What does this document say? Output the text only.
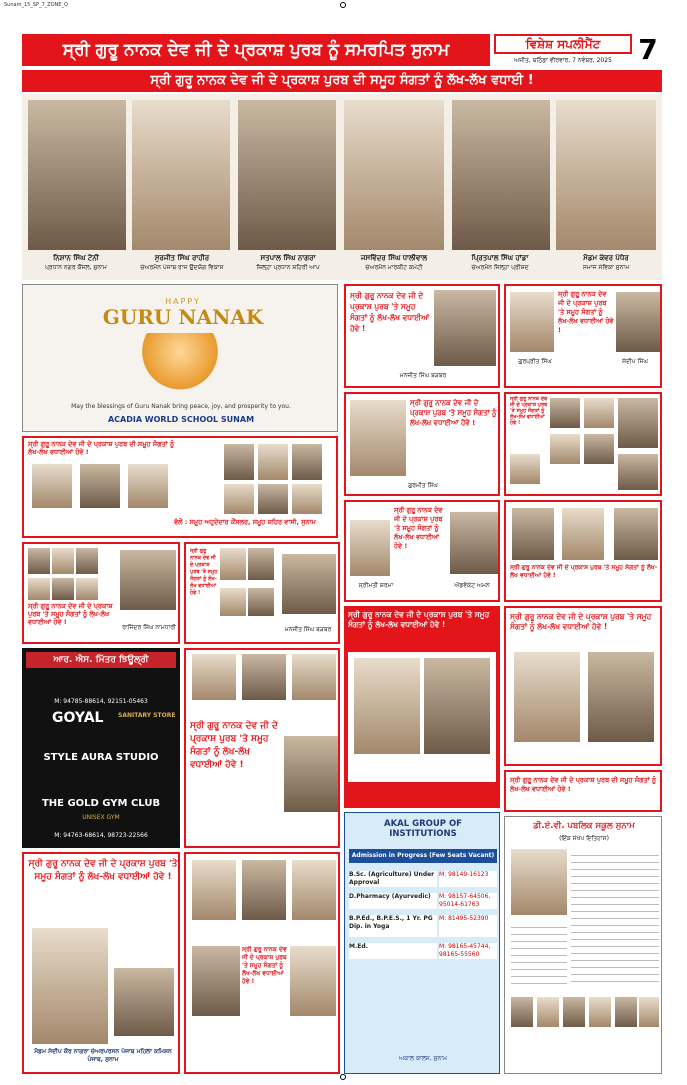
Sunam_15_SP_7_ZONE_Q
ਸ੍ਰੀ ਗੁਰੂ ਨਾਨਕ ਦੇਵ ਜੀ ਦੇ ਪ੍ਰਕਾਸ਼ ਪੁਰਬ ਨੂੰ ਸਮਰਪਿਤ ਸੁਨਾਮ	ਵਿਸ਼ੇਸ਼ ਸਪਲੀਮੈਂਟ
ਅਜੀਤ, ਬਠਿੰਡਾ ਵੀਰਵਾਰ, 7 ਨਵੰਬਰ, 2025 7
ਸ੍ਰੀ ਗੁਰੂ ਨਾਨਕ ਦੇਵ ਜੀ ਦੇ ਪ੍ਰਕਾਸ਼ ਪੁਰਬ ਦੀ ਸਮੂਹ ਸੰਗਤਾਂ ਨੂੰ ਲੱਖ-ਲੱਖ ਵਧਾਈ !
ਨਿਸ਼ਾਨ ਸਿੰਘ ਟੋਨੀ
ਪ੍ਰਧਾਨ ਨਗਰ ਕੌਂਸਲ, ਸੁਨਾਮ
ਸੁਰਜੀਤ ਸਿੰਘ ਰਾਹੀਰ
ਚੇਅਰਮੈਨ ਪੰਜਾਬ ਰਾਜ ਉਦਯੋਗ ਵਿਕਾਸ
ਸਤਪਾਲ ਸਿੰਘ ਨਾਗਰਾ
ਜ਼ਿਲ੍ਹਾ ਪ੍ਰਧਾਨ ਸ਼ਹਿਰੀ ਆਪ
ਜਸਵਿੰਦਰ ਸਿੰਘ ਧਾਲੀਵਾਲ
ਚੇਅਰਮੈਨ ਮਾਰਕੀਟ ਕਮੇਟੀ
ਪ੍ਰਿਤਪਾਲ ਸਿੰਘ ਹਾਂਡਾ
ਚੇਅਰਮੈਨ ਜ਼ਿਲ੍ਹਾ ਪ੍ਰੀਸ਼ਦ
ਮੈਡਮ ਕੰਵਰ ਪੰਧੇਰ
ਸਮਾਜ ਸੇਵਿਕਾ ਸੁਨਾਮ
HAPPY
GURU NANAK
May the blessings of Guru Nanak bring peace, joy, and prosperity to you.
ACADIA WORLD SCHOOL SUNAM
ਸ੍ਰੀ ਗੁਰੂ ਨਾਨਕ ਦੇਵ ਜੀ ਦੇ ਪ੍ਰਕਾਸ਼ ਪੁਰਬ 'ਤੇ ਸਮੂਹ ਸੰਗਤਾਂ ਨੂੰ ਲੱਖ-ਲੱਖ ਵਧਾਈਆਂ ਹੋਵੇ !
ਮਨਜੀਤ ਸਿੰਘ ਬੜਬਰ
ਸ੍ਰੀ ਗੁਰੂ ਨਾਨਕ ਦੇਵ ਜੀ ਦੇ ਪ੍ਰਕਾਸ਼ ਪੁਰਬ 'ਤੇ ਸਮੂਹ ਸੰਗਤਾਂ ਨੂੰ ਲੱਖ-ਲੱਖ ਵਧਾਈਆਂ ਹੋਵੇ !
ਗੁਰਪ੍ਰੀਤ ਸਿੰਘ	ਸੰਦੀਪ ਸਿੰਘ
ਸ੍ਰੀ ਗੁਰੂ ਨਾਨਕ ਦੇਵ ਜੀ ਦੇ ਪ੍ਰਕਾਸ਼ ਪੁਰਬ ਦੀ ਸਮੂਹ ਸੰਗਤਾਂ ਨੂੰ ਲੱਖ-ਲੱਖ ਵਧਾਈਆਂ ਹੋਵੇ !
ਵੱਲੋਂ : ਸਮੂਹ ਅਹੁਦੇਦਾਰ ਕੌਂਸਲਰ, ਸਮੂਹ ਸ਼ਹਿਰ ਵਾਸੀ, ਸੁਨਾਮ
ਸ੍ਰੀ ਗੁਰੂ ਨਾਨਕ ਦੇਵ ਜੀ ਦੇ ਪ੍ਰਕਾਸ਼ ਪੁਰਬ 'ਤੇ ਸਮੂਹ ਸੰਗਤਾਂ ਨੂੰ ਲੱਖ-ਲੱਖ ਵਧਾਈਆਂ ਹੋਵੇ !
ਗੁਰਮੀਤ ਸਿੰਘ
ਸ੍ਰੀ ਗੁਰੂ ਨਾਨਕ ਦੇਵ ਜੀ ਦੇ ਪ੍ਰਕਾਸ਼ ਪੁਰਬ 'ਤੇ ਸਮੂਹ ਸੰਗਤਾਂ ਨੂੰ ਲੱਖ-ਲੱਖ ਵਧਾਈਆਂ ਹੋਵੇ !
ਸ੍ਰੀ ਗੁਰੂ ਨਾਨਕ ਦੇਵ ਜੀ ਦੇ ਪ੍ਰਕਾਸ਼ ਪੁਰਬ 'ਤੇ ਸਮੂਹ ਸੰਗਤਾਂ ਨੂੰ ਲੱਖ-ਲੱਖ ਵਧਾਈਆਂ ਹੋਵੇ !
ਰਾਜਿੰਦਰ ਸਿੰਘ ਨਾਮਧਾਰੀ
ਸ੍ਰੀ ਗੁਰੂ ਨਾਨਕ ਦੇਵ ਜੀ ਦੇ ਪ੍ਰਕਾਸ਼ ਪੁਰਬ 'ਤੇ ਸਮੂਹ ਸੰਗਤਾਂ ਨੂੰ ਲੱਖ-ਲੱਖ ਵਧਾਈਆਂ ਹੋਵੇ !
ਮਨਜੀਤ ਸਿੰਘ ਬੜਬਰ
ਸ੍ਰੀ ਗੁਰੂ ਨਾਨਕ ਦੇਵ ਜੀ ਦੇ ਪ੍ਰਕਾਸ਼ ਪੁਰਬ 'ਤੇ ਸਮੂਹ ਸੰਗਤਾਂ ਨੂੰ ਲੱਖ-ਲੱਖ ਵਧਾਈਆਂ ਹੋਵੇ !
ਸ੍ਰੀਮਤੀ ਸ਼ਰਮਾ	ਐਡਵੋਕੇਟ ਅਮਨ
ਸ੍ਰੀ ਗੁਰੂ ਨਾਨਕ ਦੇਵ ਜੀ ਦੇ ਪ੍ਰਕਾਸ਼ ਪੁਰਬ 'ਤੇ ਸਮੂਹ ਸੰਗਤਾਂ ਨੂੰ ਲੱਖ-ਲੱਖ ਵਧਾਈਆਂ ਹੋਵੇ !
ਆਰ. ਐਸ. ਮਿੱਤਰ ਝਿਊਲ੍ਰੀ
M: 94785-88614, 92151-05463
GOYAL	SANITARY STORE
STYLE AURA STUDIO
THE GOLD GYM CLUB
UNISEX GYM
M: 94763-68614, 98723-22566
ਸ੍ਰੀ ਗੁਰੂ ਨਾਨਕ ਦੇਵ ਜੀ ਦੇ ਪ੍ਰਕਾਸ਼ ਪੁਰਬ 'ਤੇ ਸਮੂਹ ਸੰਗਤਾਂ ਨੂੰ ਲੱਖ-ਲੱਖ ਵਧਾਈਆਂ ਹੋਵੇ !
ਸ੍ਰੀ ਗੁਰੂ ਨਾਨਕ ਦੇਵ ਜੀ ਦੇ ਪ੍ਰਕਾਸ਼ ਪੁਰਬ 'ਤੇ ਸਮੂਹ ਸੰਗਤਾਂ ਨੂੰ ਲੱਖ-ਲੱਖ ਵਧਾਈਆਂ ਹੋਵੇ !
ਸ੍ਰੀ ਗੁਰੂ ਨਾਨਕ ਦੇਵ ਜੀ ਦੇ ਪ੍ਰਕਾਸ਼ ਪੁਰਬ 'ਤੇ ਸਮੂਹ ਸੰਗਤਾਂ ਨੂੰ ਲੱਖ-ਲੱਖ ਵਧਾਈਆਂ ਹੋਵੇ !
ਸ੍ਰੀ ਗੁਰੂ ਨਾਨਕ ਦੇਵ ਜੀ ਦੇ ਪ੍ਰਕਾਸ਼ ਪੁਰਬ ਦੀ ਸਮੂਹ ਸੰਗਤਾਂ ਨੂੰ ਲੱਖ-ਲੱਖ ਵਧਾਈਆਂ ਹੋਵੇ !
AKAL GROUP OF INSTITUTIONS
Admission in Progress (Few Seats Vacant)
B.Sc. (Agriculture) Under Approval
M: 98149-16123
D.Pharmacy (Ayurvedic)	M: 98157-64506, 95014-61763
B.P.Ed., B.P.E.S., 1 Yr. PG Dip. in Yoga
M: 81495-52390
M.Ed.	M: 98165-45744, 98165-55560
ਅਕਾਲ ਕਾਲਜ, ਸੁਨਾਮ
ਡੀ.ਏ.ਵੀ. ਪਬਲਿਕ ਸਕੂਲ ਸੁਨਾਮ
(ਇੱਕ ਸੰਖੇਪ ਇਤਿਹਾਸ)
ਸ੍ਰੀ ਗੁਰੂ ਨਾਨਕ ਦੇਵ ਜੀ ਦੇ ਪ੍ਰਕਾਸ਼ ਪੁਰਬ 'ਤੇ ਸਮੂਹ ਸੰਗਤਾਂ ਨੂੰ ਲੱਖ-ਲੱਖ ਵਧਾਈਆਂ ਹੋਵੇ !
ਮੈਡਮ ਸੰਦੀਪ ਕੌਰ ਨਾਗਰਾ ਚੇਅਰਪਰਸਨ ਪੰਜਾਬ ਮਹਿਲਾ ਕਮਿਸ਼ਨ ਪੰਜਾਬ, ਸੁਨਾਮ
ਸ੍ਰੀ ਗੁਰੂ ਨਾਨਕ ਦੇਵ ਜੀ ਦੇ ਪ੍ਰਕਾਸ਼ ਪੁਰਬ 'ਤੇ ਸਮੂਹ ਸੰਗਤਾਂ ਨੂੰ ਲੱਖ-ਲੱਖ ਵਧਾਈਆਂ ਹੋਵੇ !
